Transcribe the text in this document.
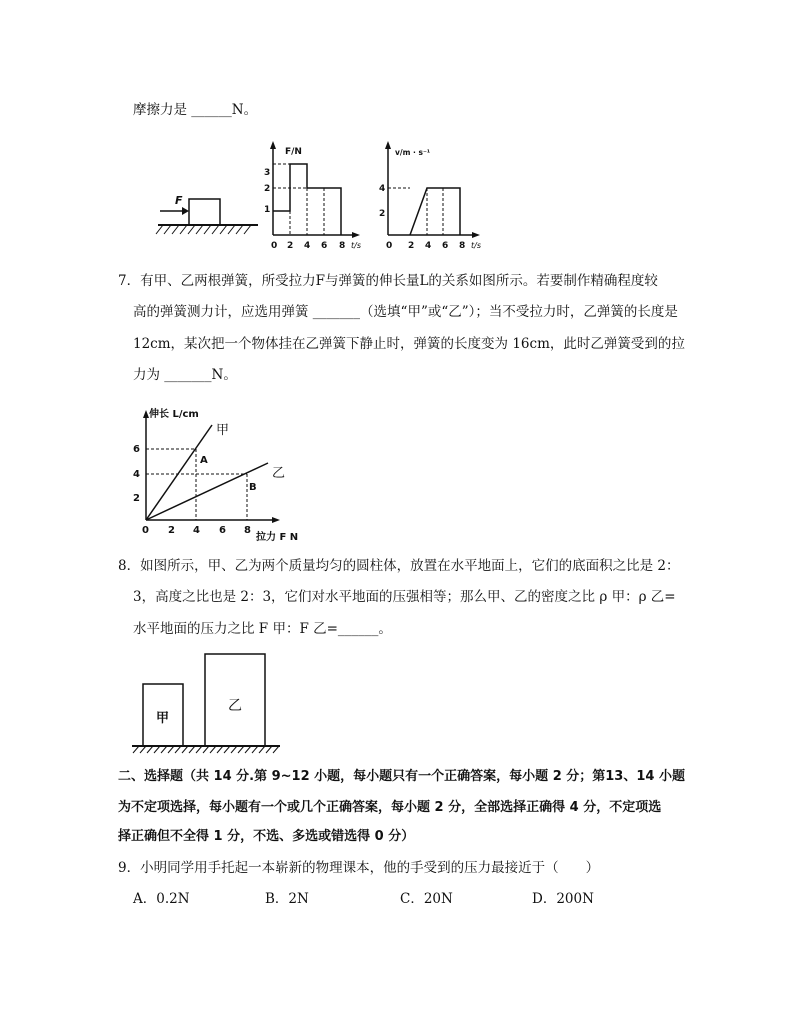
摩擦力是 ______N。
F
F/N
3
2
1
0 2 4 6 8 t/s
v/m · s⁻¹
4
2
0 2 4 6 8 t/s
7．有甲、乙两根弹簧，所受拉力F与弹簧的伸长量L的关系如图所示。若要制作精确程度较
高的弹簧测力计，应选用弹簧 _______（选填“甲”或“乙”）；当不受拉力时，乙弹簧的长度是
12cm，某次把一个物体挂在乙弹簧下静止时，弹簧的长度变为 16cm，此时乙弹簧受到的拉
力为 _______N。
伸长 L/cm
拉力 F N
6
4
2
0 2 4 6 8
甲
乙
A
B
8．如图所示，甲、乙为两个质量均匀的圆柱体，放置在水平地面上，它们的底面积之比是 2：
3，高度之比也是 2：3，它们对水平地面的压强相等；那么甲、乙的密度之比 ρ 甲：ρ 乙=
水平地面的压力之比 F 甲：F 乙=______。
甲
乙
二、选择题（共 14 分.第 9~12 小题，每小题只有一个正确答案，每小题 2 分；第13、14 小题
为不定项选择，每小题有一个或几个正确答案，每小题 2 分，全部选择正确得 4 分，不定项选
择正确但不全得 1 分，不选、多选或错选得 0 分）
9．小明同学用手托起一本崭新的物理课本，他的手受到的压力最接近于（　　）
A．0.2N	B．2N	C．20N	D．200N
